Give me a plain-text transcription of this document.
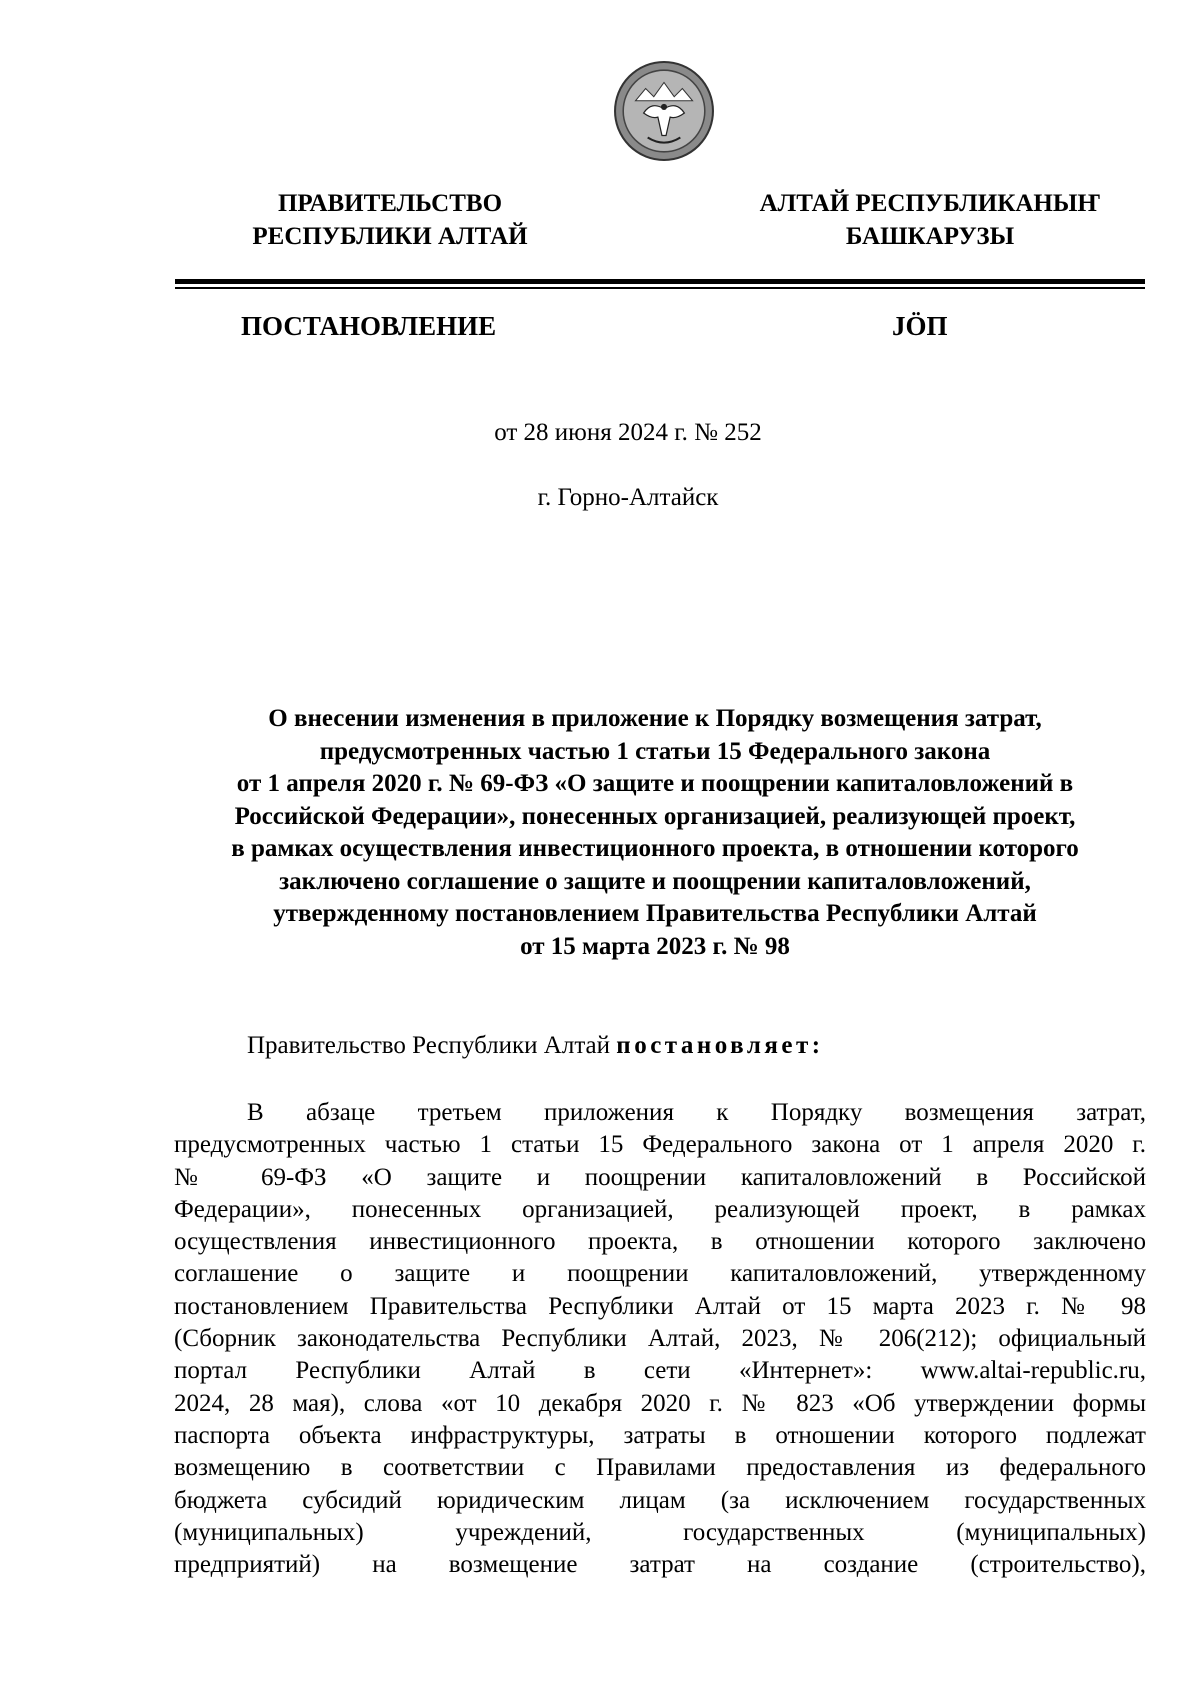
ПРАВИТЕЛЬСТВО
РЕСПУБЛИКИ АЛТАЙ
АЛТАЙ РЕСПУБЛИКАНЫҤ
БАШКАРУЗЫ
ПОСТАНОВЛЕНИЕ	JÖП
от 28 июня 2024 г. № 252
г. Горно-Алтайск
О внесении изменения в приложение к Порядку возмещения затрат,
предусмотренных частью 1 статьи 15 Федерального закона
от 1 апреля 2020 г. № 69-ФЗ «О защите и поощрении капиталовложений в
Российской Федерации», понесенных организацией, реализующей проект,
в рамках осуществления инвестиционного проекта, в отношении которого
заключено соглашение о защите и поощрении капиталовложений,
утвержденному постановлением Правительства Республики Алтай
от 15 марта 2023 г. № 98
Правительство Республики Алтай постановляет:
В абзаце третьем приложения к Порядку возмещения затрат,
предусмотренных частью 1 статьи 15 Федерального закона от 1 апреля 2020 г.
№ 69-ФЗ «О защите и поощрении капиталовложений в Российской
Федерации», понесенных организацией, реализующей проект, в рамках
осуществления инвестиционного проекта, в отношении которого заключено
соглашение о защите и поощрении капиталовложений, утвержденному
постановлением Правительства Республики Алтай от 15 марта 2023 г. № 98
(Сборник законодательства Республики Алтай, 2023, № 206(212); официальный
портал Республики Алтай в сети «Интернет»: www.altai-republic.ru,
2024, 28 мая), слова «от 10 декабря 2020 г. № 823 «Об утверждении формы
паспорта объекта инфраструктуры, затраты в отношении которого подлежат
возмещению в соответствии с Правилами предоставления из федерального
бюджета субсидий юридическим лицам (за исключением государственных
(муниципальных) учреждений, государственных (муниципальных)
предприятий) на возмещение затрат на создание (строительство),
